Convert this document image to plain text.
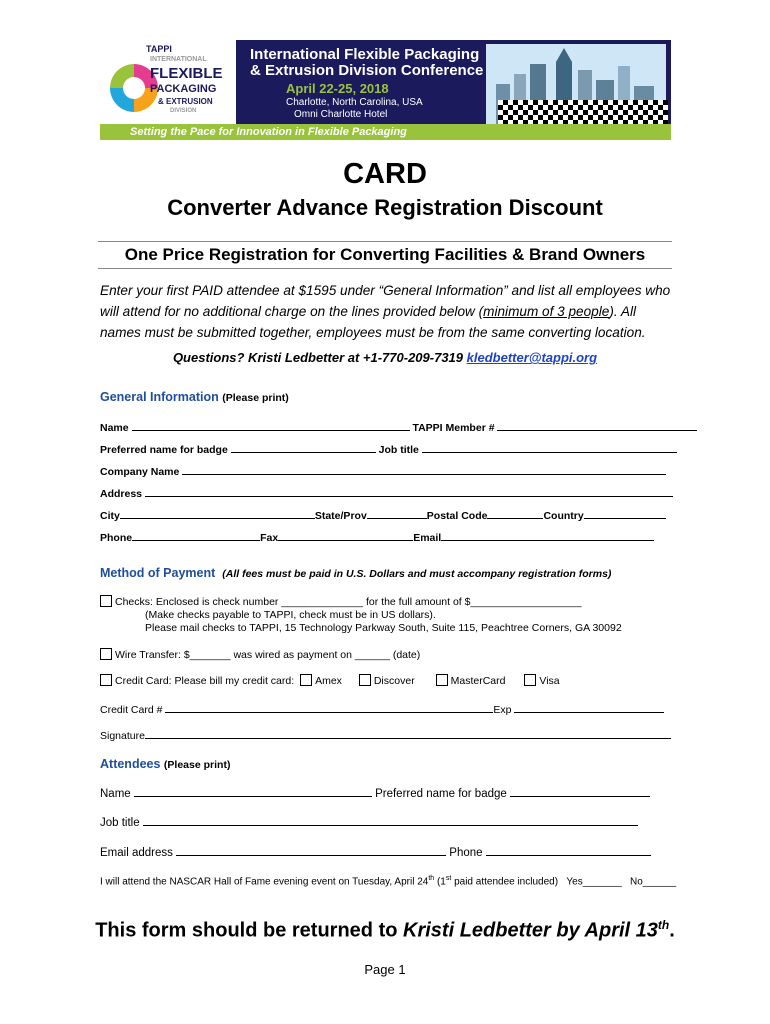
TAPPI
INTERNATIONAL
FLEXIBLE
PACKAGING
& EXTRUSION
DIVISION
International Flexible Packaging
& Extrusion Division Conference
April 22-25, 2018
Charlotte, North Carolina, USA
Omni Charlotte Hotel
Setting the Pace for Innovation in Flexible Packaging
CARD
Converter Advance Registration Discount
One Price Registration for Converting Facilities & Brand Owners
Enter your first PAID attendee at $1595 under “General Information” and list all employees who will attend for no additional charge on the lines provided below (minimum of 3 people). All names must be submitted together, employees must be from the same converting location.
Questions? Kristi Ledbetter at +1-770-209-7319 kledbetter@tappi.org
General Information (Please print)
Name	TAPPI Member #
Preferred name for badge	Job title
Company Name
Address
City	State/Prov	Postal Code	Country
Phone	Fax	Email
Method of Payment (All fees must be paid in U.S. Dollars and must accompany registration forms)
Checks: Enclosed is check number ______________ for the full amount of $___________________
(Make checks payable to TAPPI, check must be in US dollars).
Please mail checks to TAPPI, 15 Technology Parkway South, Suite 115, Peachtree Corners, GA 30092
Wire Transfer: $_______ was wired as payment on ______ (date)
Credit Card: Please bill my credit card: Amex	Discover	MasterCard	Visa
Credit Card #	Exp
Signature
Attendees (Please print)
Name	Preferred name for badge
Job title
Email address	Phone
I will attend the NASCAR Hall of Fame evening event on Tuesday, April 24th (1st paid attendee included) Yes_______ No______
This form should be returned to Kristi Ledbetter by April 13th.
Page 1
